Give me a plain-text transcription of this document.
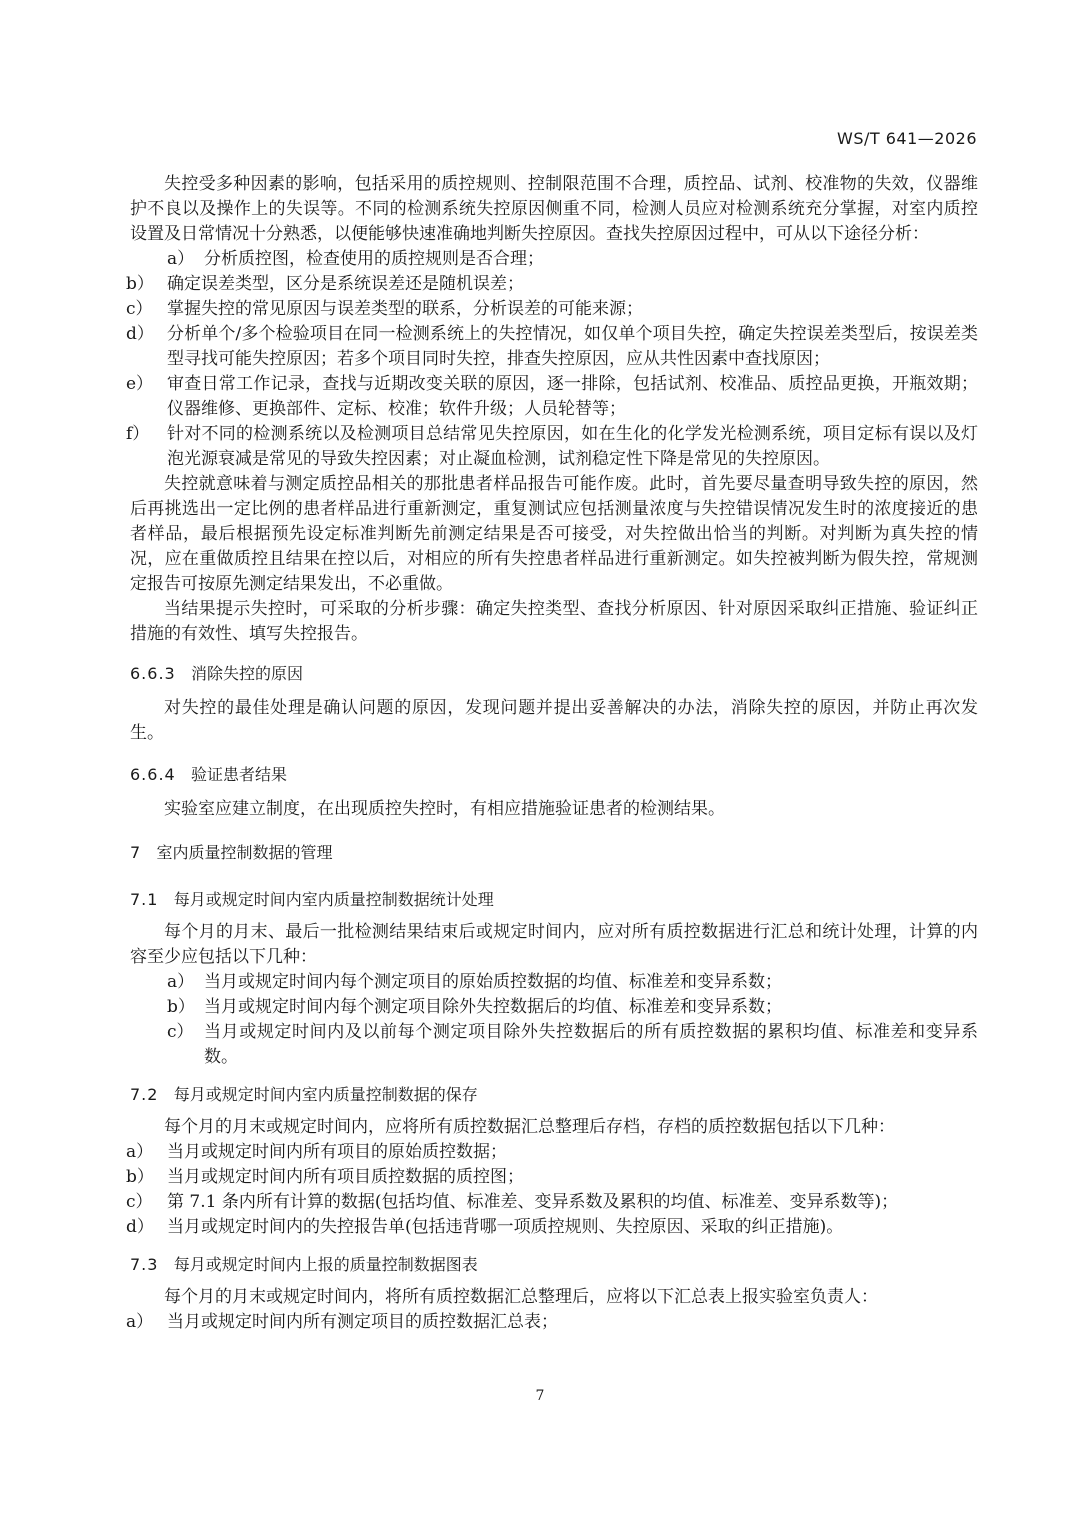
WS/T 641—2026

失控受多种因素的影响，包括采用的质控规则、控制限范围不合理，质控品、试剂、校准物的失效，仪器维护不良以及操作上的失误等。不同的检测系统失控原因侧重不同，检测人员应对检测系统充分掌握，对室内质控设置及日常情况十分熟悉，以便能够快速准确地判断失控原因。查找失控原因过程中，可从以下途径分析：

a） 分析质控图，检查使用的质控规则是否合理；
b） 确定误差类型，区分是系统误差还是随机误差；
c） 掌握失控的常见原因与误差类型的联系，分析误差的可能来源；
d） 分析单个/多个检验项目在同一检测系统上的失控情况，如仅单个项目失控，确定失控误差类型后，按误差类型寻找可能失控原因；若多个项目同时失控，排查失控原因，应从共性因素中查找原因；
e） 审查日常工作记录，查找与近期改变关联的原因，逐一排除，包括试剂、校准品、质控品更换，开瓶效期；仪器维修、更换部件、定标、校准；软件升级；人员轮替等；
f） 针对不同的检测系统以及检测项目总结常见失控原因，如在生化的化学发光检测系统，项目定标有误以及灯泡光源衰减是常见的导致失控因素；对止凝血检测，试剂稳定性下降是常见的失控原因。

失控就意味着与测定质控品相关的那批患者样品报告可能作废。此时，首先要尽量查明导致失控的原因，然后再挑选出一定比例的患者样品进行重新测定，重复测试应包括测量浓度与失控错误情况发生时的浓度接近的患者样品，最后根据预先设定标准判断先前测定结果是否可接受，对失控做出恰当的判断。对判断为真失控的情况，应在重做质控且结果在控以后，对相应的所有失控患者样品进行重新测定。如失控被判断为假失控，常规测定报告可按原先测定结果发出，不必重做。

当结果提示失控时，可采取的分析步骤：确定失控类型、查找分析原因、针对原因采取纠正措施、验证纠正措施的有效性、填写失控报告。

6.6.3 消除失控的原因

对失控的最佳处理是确认问题的原因，发现问题并提出妥善解决的办法，消除失控的原因，并防止再次发生。

6.6.4 验证患者结果

实验室应建立制度，在出现质控失控时，有相应措施验证患者的检测结果。

7 室内质量控制数据的管理
7.1 每月或规定时间内室内质量控制数据统计处理

每个月的月末、最后一批检测结果结束后或规定时间内，应对所有质控数据进行汇总和统计处理，计算的内容至少应包括以下几种：

a） 当月或规定时间内每个测定项目的原始质控数据的均值、标准差和变异系数；
b） 当月或规定时间内每个测定项目除外失控数据后的均值、标准差和变异系数；
c） 当月或规定时间内及以前每个测定项目除外失控数据后的所有质控数据的累积均值、标准差和变异系数。
7.2 每月或规定时间内室内质量控制数据的保存

每个月的月末或规定时间内，应将所有质控数据汇总整理后存档，存档的质控数据包括以下几种：

a） 当月或规定时间内所有项目的原始质控数据；
b） 当月或规定时间内所有项目质控数据的质控图；
c） 第 7.1 条内所有计算的数据(包括均值、标准差、变异系数及累积的均值、标准差、变异系数等)；
d） 当月或规定时间内的失控报告单(包括违背哪一项质控规则、失控原因、采取的纠正措施)。
7.3 每月或规定时间内上报的质量控制数据图表

每个月的月末或规定时间内，将所有质控数据汇总整理后，应将以下汇总表上报实验室负责人：

a） 当月或规定时间内所有测定项目的质控数据汇总表；
7
